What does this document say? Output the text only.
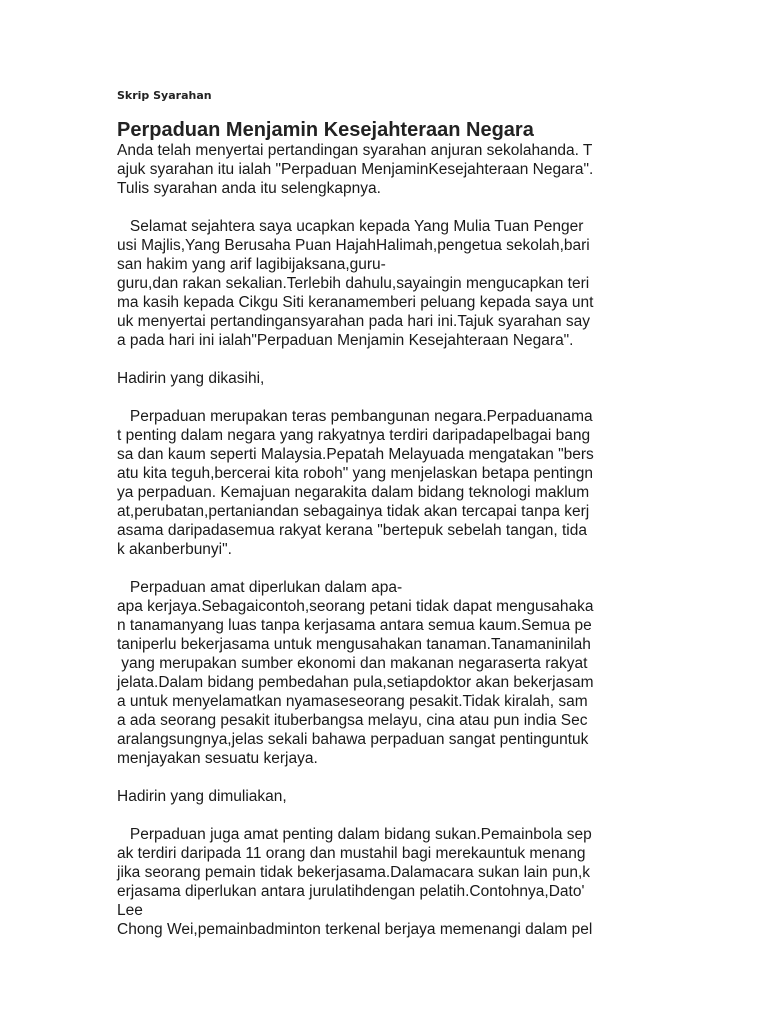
Skrip Syarahan
Perpaduan Menjamin Kesejahteraan Negara
Anda telah menyertai pertandingan syarahan anjuran sekolahanda. T
ajuk syarahan itu ialah "Perpaduan MenjaminKesejahteraan Negara".
Tulis syarahan anda itu selengkapnya.
Selamat sejahtera saya ucapkan kepada Yang Mulia Tuan Penger
usi Majlis,Yang Berusaha Puan HajahHalimah,pengetua sekolah,bari
san hakim yang arif lagibijaksana,guru-
guru,dan rakan sekalian.Terlebih dahulu,sayaingin mengucapkan teri
ma kasih kepada Cikgu Siti keranamemberi peluang kepada saya unt
uk menyertai pertandingansyarahan pada hari ini.Tajuk syarahan say
a pada hari ini ialah"Perpaduan Menjamin Kesejahteraan Negara".
Hadirin yang dikasihi,
Perpaduan merupakan teras pembangunan negara.Perpaduanama
t penting dalam negara yang rakyatnya terdiri daripadapelbagai bang
sa dan kaum seperti Malaysia.Pepatah Melayuada mengatakan "bers
atu kita teguh,bercerai kita roboh" yang menjelaskan betapa pentingn
ya perpaduan. Kemajuan negarakita dalam bidang teknologi maklum
at,perubatan,pertaniandan sebagainya tidak akan tercapai tanpa kerj
asama daripadasemua rakyat kerana "bertepuk sebelah tangan, tida
k akanberbunyi".
Perpaduan amat diperlukan dalam apa-
apa kerjaya.Sebagaicontoh,seorang petani tidak dapat mengusahaka
n tanamanyang luas tanpa kerjasama antara semua kaum.Semua pe
taniperlu bekerjasama untuk mengusahakan tanaman.Tanamaninilah
yang merupakan sumber ekonomi dan makanan negaraserta rakyat
jelata.Dalam bidang pembedahan pula,setiapdoktor akan bekerjasam
a untuk menyelamatkan nyamaseseorang pesakit.Tidak kiralah, sam
a ada seorang pesakit ituberbangsa melayu, cina atau pun india Sec
aralangsungnya,jelas sekali bahawa perpaduan sangat pentinguntuk
menjayakan sesuatu kerjaya.
Hadirin yang dimuliakan,
Perpaduan juga amat penting dalam bidang sukan.Pemainbola sep
ak terdiri daripada 11 orang dan mustahil bagi merekauntuk menang
jika seorang pemain tidak bekerjasama.Dalamacara sukan lain pun,k
erjasama diperlukan antara jurulatihdengan pelatih.Contohnya,Dato'
Lee
Chong Wei,pemainbadminton terkenal berjaya memenangi dalam pel
